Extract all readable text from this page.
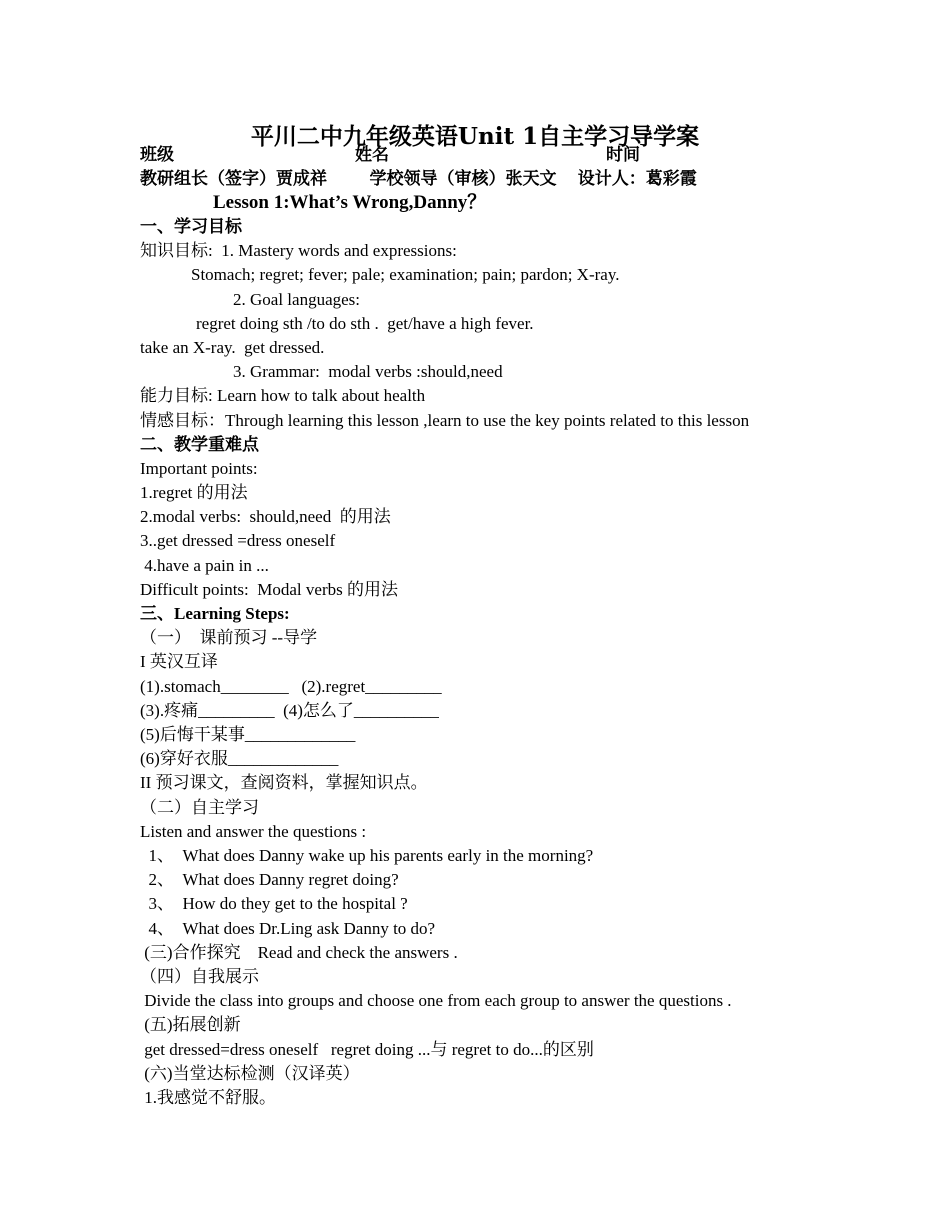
平川二中九年级英语Unit 1自主学习导学案
班级	姓名	时间
教研组长（签字）贾成祥          学校领导（审核）张天文     设计人：葛彩霞
Lesson 1:What’s Wrong,Danny？
一、学习目标
知识目标:  1. Mastery words and expressions:
Stomach; regret; fever; pale; examination; pain; pardon; X-ray.
2. Goal languages:
regret doing sth /to do sth .  get/have a high fever.
take an X-ray.  get dressed.
3. Grammar:  modal verbs :should,need
能力目标: Learn how to talk about health
情感目标：Through learning this lesson ,learn to use the key points related to this lesson
二、教学重难点
Important points:
1.regret 的用法
2.modal verbs:  should,need  的用法
3..get dressed =dress oneself
4.have a pain in ...
Difficult points:  Modal verbs 的用法
三、Learning Steps:
（一）  课前预习 --导学
I 英汉互译
(1).stomach________   (2).regret_________
(3).疼痛_________  (4)怎么了__________
(5)后悔干某事_____________
(6)穿好衣服_____________
II 预习课文，查阅资料，掌握知识点。
（二）自主学习
Listen and answer the questions :
1、  What does Danny wake up his parents early in the morning?
2、  What does Danny regret doing?
3、  How do they get to the hospital ?
4、  What does Dr.Ling ask Danny to do?
(三)合作探究    Read and check the answers .
（四）自我展示
Divide the class into groups and choose one from each group to answer the questions .
(五)拓展创新
get dressed=dress oneself   regret doing ...与 regret to do...的区别
(六)当堂达标检测（汉译英）
1.我感觉不舒服。
